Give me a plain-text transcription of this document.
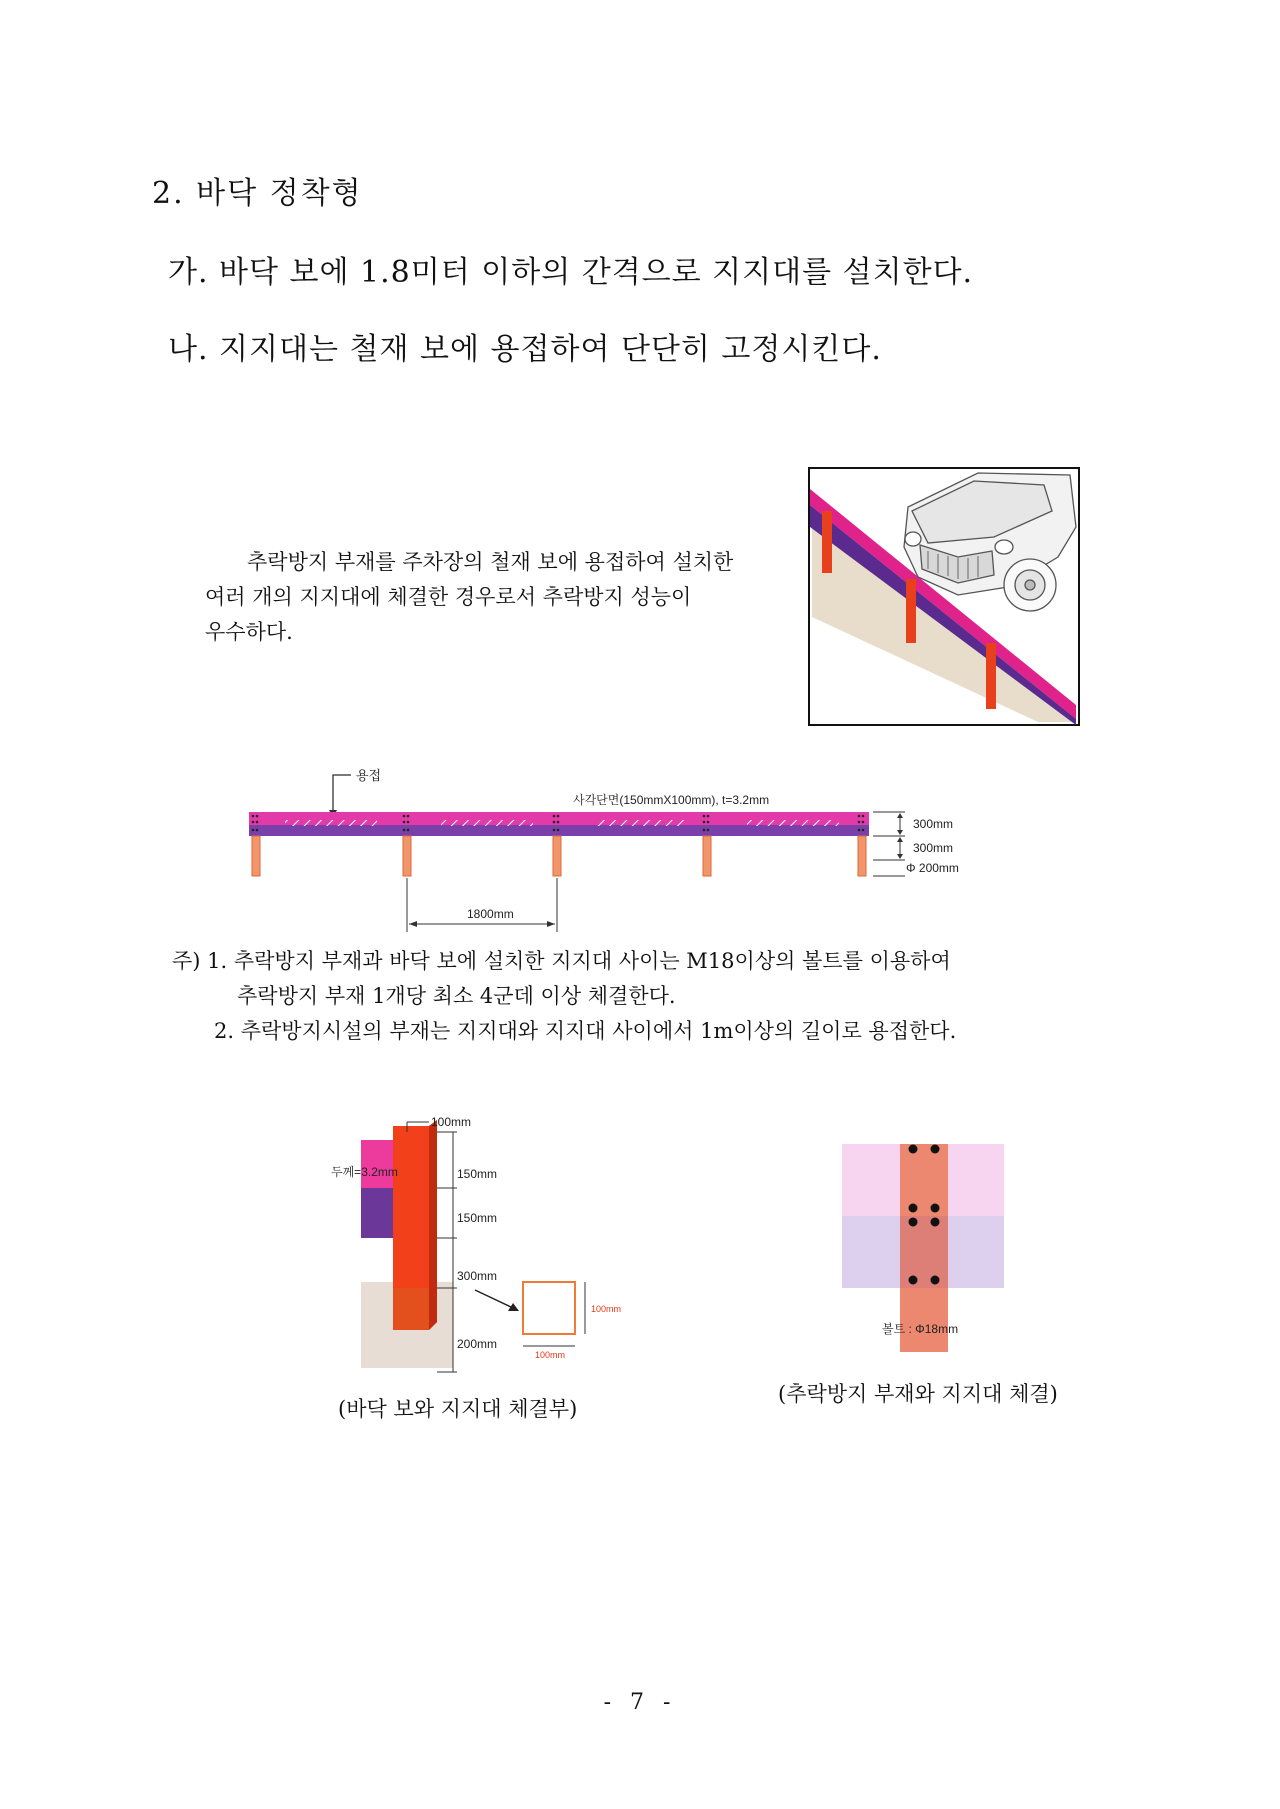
2. 바닥 정착형
가. 바닥 보에 1.8미터 이하의 간격으로 지지대를 설치한다.
나. 지지대는 철재 보에 용접하여 단단히 고정시킨다.

추락방지 부재를 주차장의 철재 보에 용접하여 설치한

여러 개의 지지대에 체결한 경우로서 추락방지 성능이

우수하다.

용접
사각단면(150mmX100mm), t=3.2mm
300mm
300mm
Φ 200mm
1800mm
주) 1. 추락방지 부재과 바닥 보에 설치한 지지대 사이는 M18이상의 볼트를 이용하여
추락방지 부재 1개당 최소 4군데 이상 체결한다.
2. 추락방지시설의 부재는 지지대와 지지대 사이에서 1m이상의 길이로 용접한다.
100mm
두께=3.2mm	150mm
150mm
300mm
200mm
100mm
100mm
(바닥 보와 지지대 체결부)
볼트 : Φ18mm
(추락방지 부재와 지지대 체결)
- 7 -
